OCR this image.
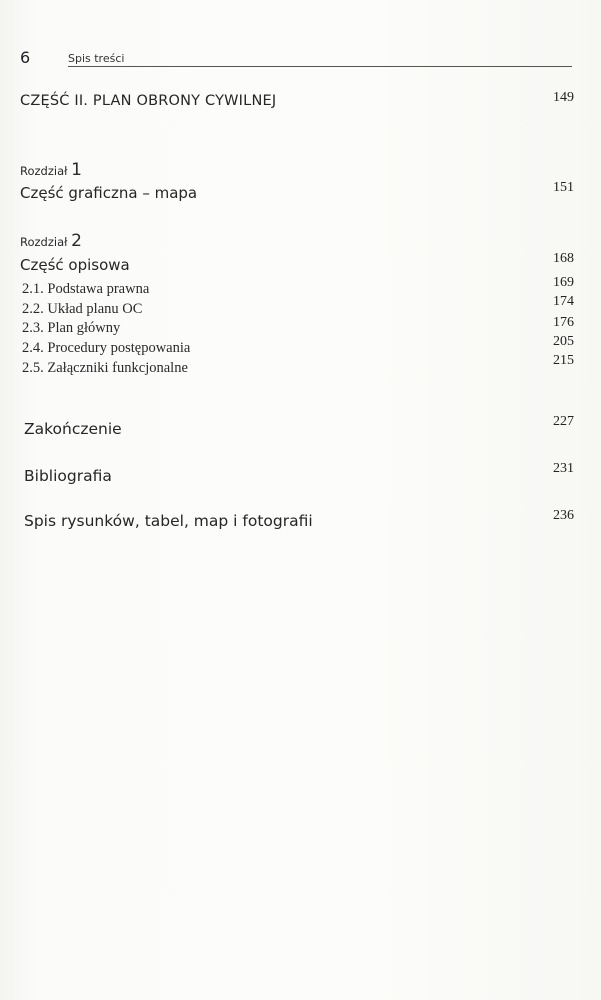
6	Spis treści
CZĘŚĆ II. PLAN OBRONY CYWILNEJ	149
Rozdział 1
Część graficzna – mapa	151
Rozdział 2
Część opisowa	168
2.1. Podstawa prawna	169
2.2. Układ planu OC	174
2.3. Plan główny	176
2.4. Procedury postępowania	205
2.5. Załączniki funkcjonalne	215
Zakończenie	227
Bibliografia	231
Spis rysunków, tabel, map i fotografii	236
